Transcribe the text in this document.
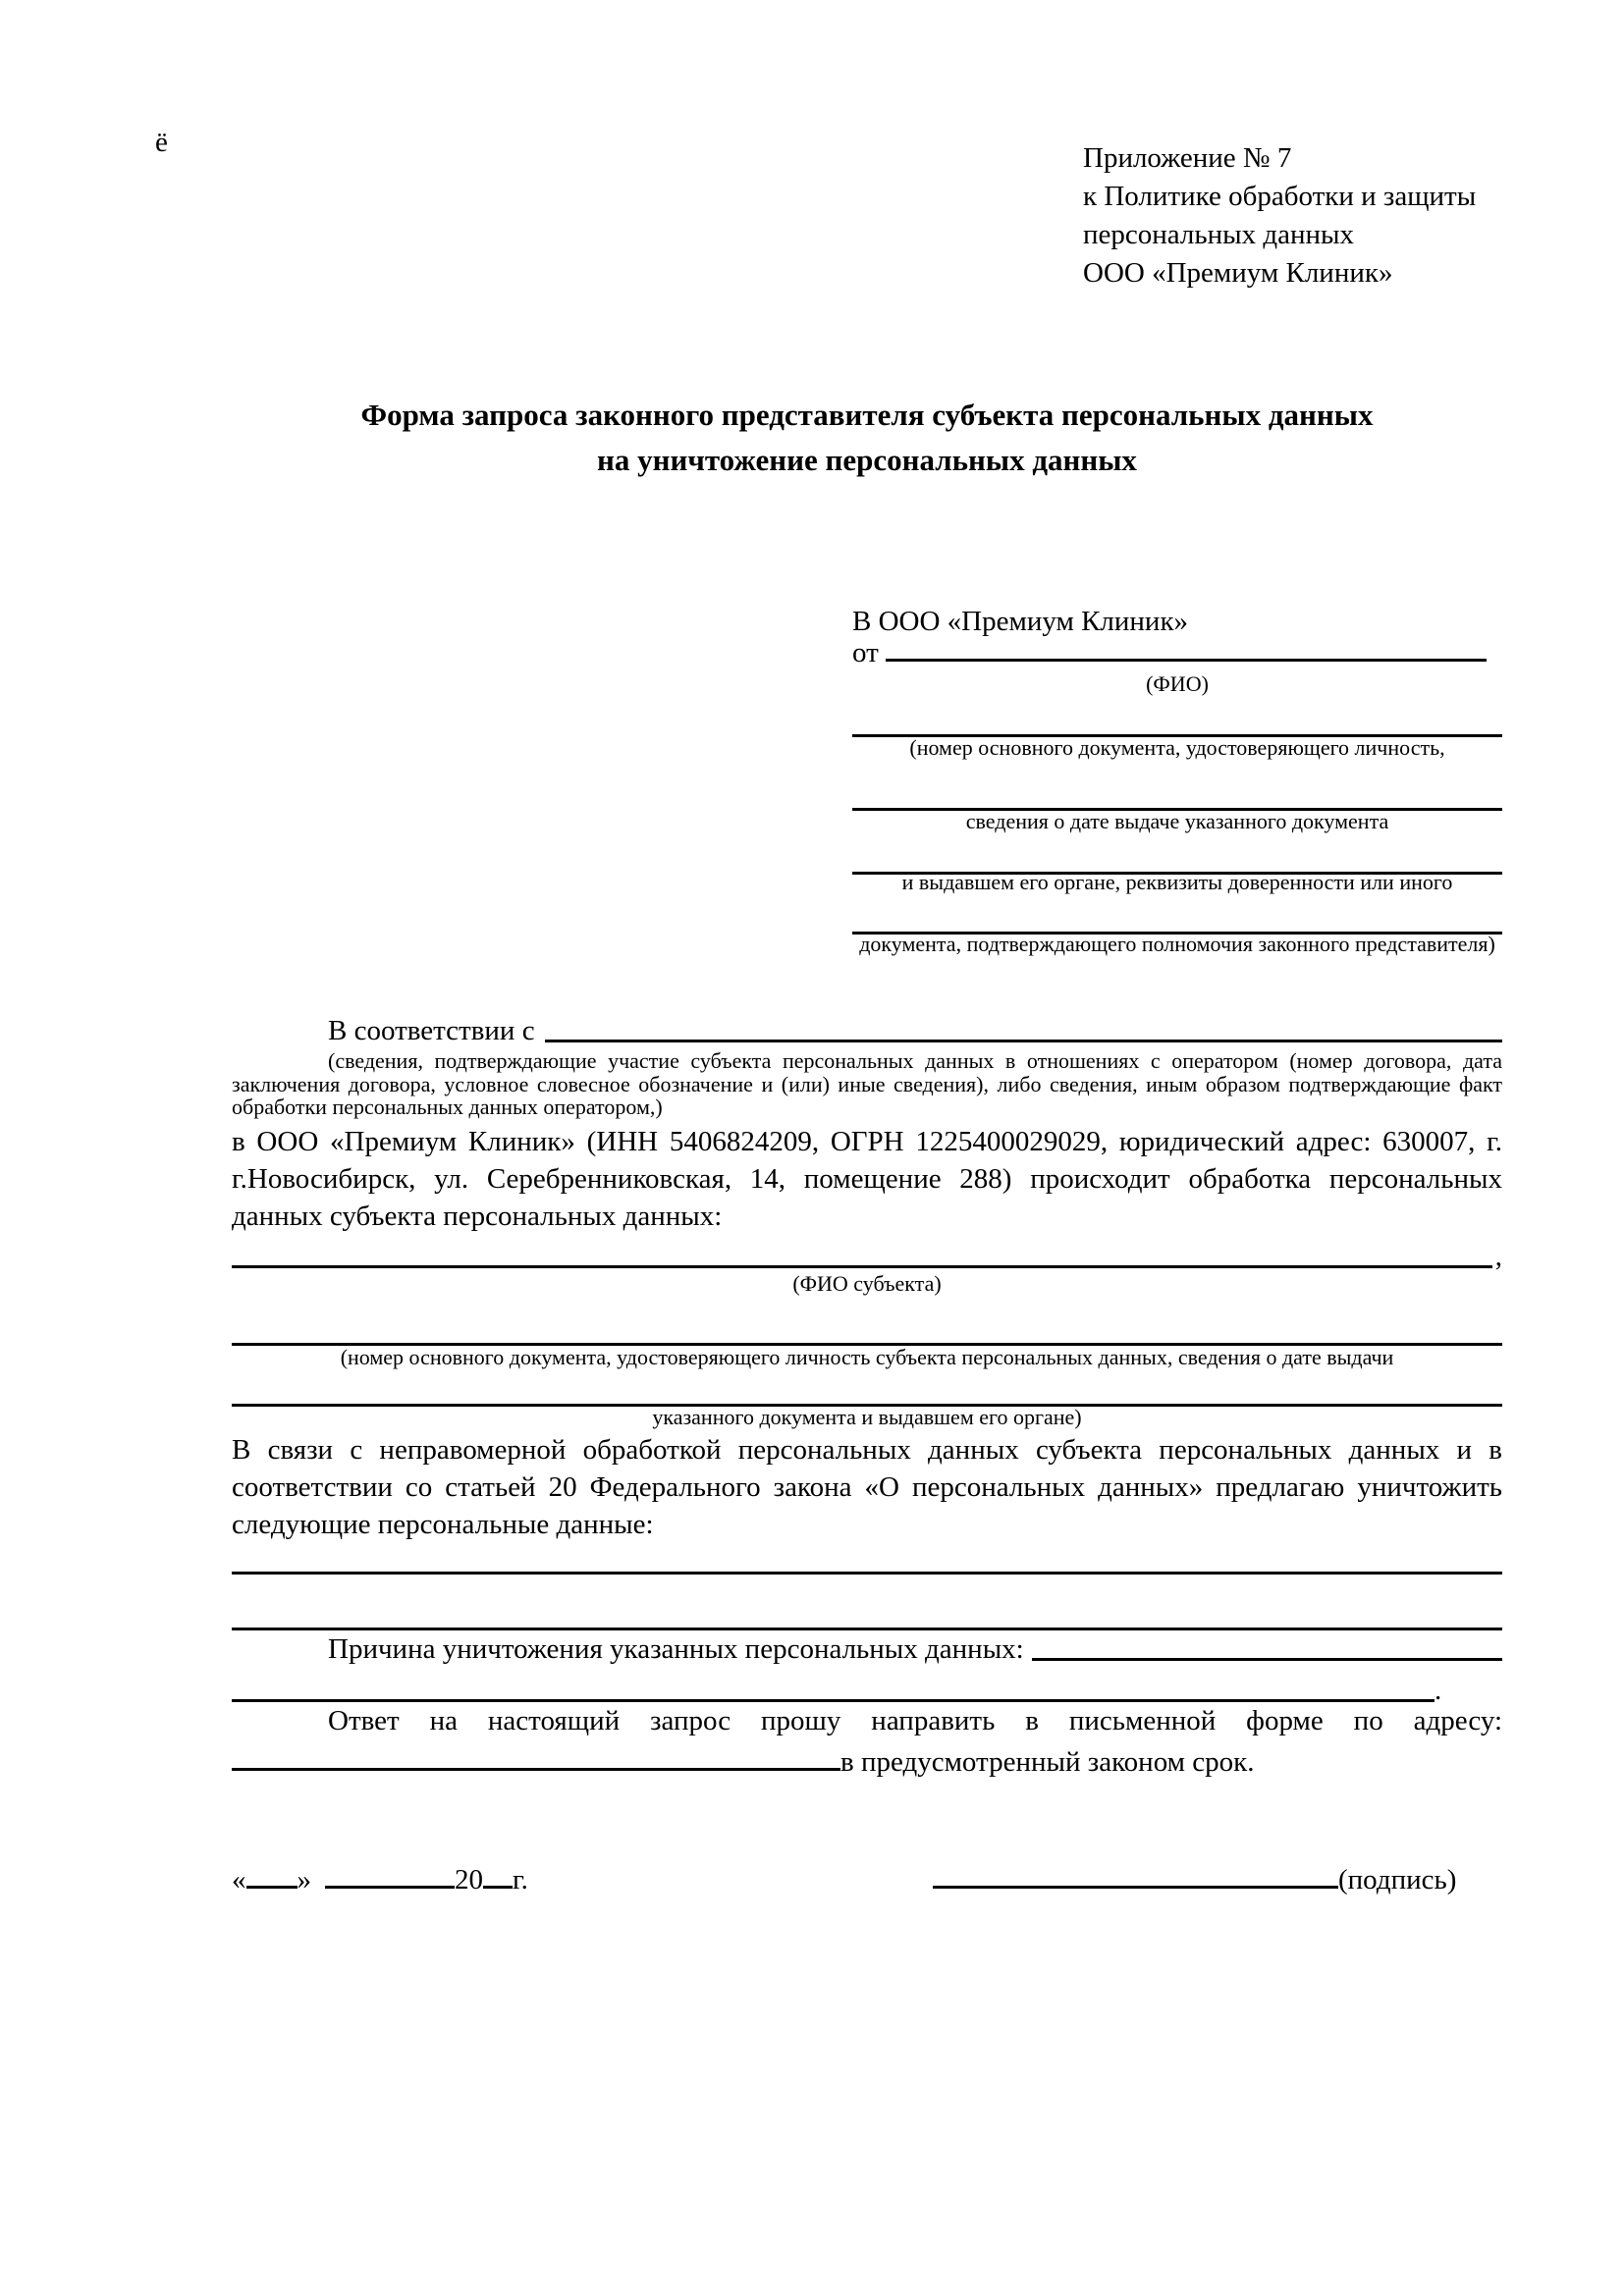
ё	Приложение № 7
к Политике обработки и защиты
персональных данных
ООО «Премиум Клиник»
Форма запроса законного представителя субъекта персональных данных
на уничтожение персональных данных
В ООО «Премиум Клиник»
от
(ФИО)
(номер основного документа, удостоверяющего личность,
сведения о дате выдаче указанного документа
и выдавшем его органе, реквизиты доверенности или иного
документа, подтверждающего полномочия законного представителя)
В соответствии с
(сведения, подтверждающие участие субъекта персональных данных в отношениях с оператором (номер договора, дата заключения договора, условное словесное обозначение и (или) иные сведения), либо сведения, иным образом подтверждающие факт обработки персональных данных оператором,)
в ООО «Премиум Клиник» (ИНН 5406824209, ОГРН 1225400029029, юридический адрес: 630007, г. г.Новосибирск, ул. Серебренниковская, 14, помещение 288) происходит обработка персональных данных субъекта персональных данных:
,
(ФИО субъекта)
(номер основного документа, удостоверяющего личность субъекта персональных данных, сведения о дате выдачи
указанного документа и выдавшем его органе)
В связи с неправомерной обработкой персональных данных субъекта персональных данных и в соответствии со статьей 20 Федерального закона «О персональных данных» предлагаю уничтожить следующие персональные данные:
Причина уничтожения указанных персональных данных:
.
Ответ на настоящий запрос прошу направить в письменной форме по адресу:
в предусмотренный законом срок.
« »	20 г.	(подпись)
